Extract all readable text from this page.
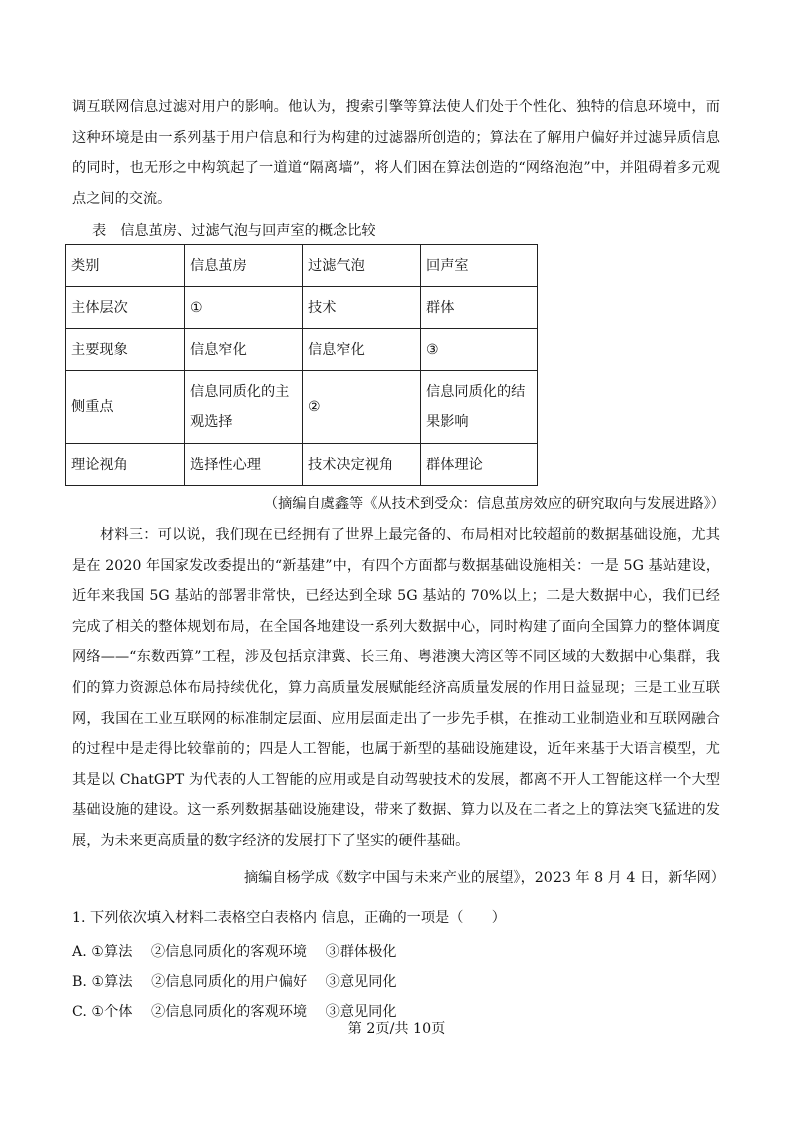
调互联网信息过滤对用户的影响。他认为，搜索引擎等算法使人们处于个性化、独特的信息环境中，而这种环境是由一系列基于用户信息和行为构建的过滤器所创造的；算法在了解用户偏好并过滤异质信息的同时，也无形之中构筑起了一道道“隔离墙”，将人们困在算法创造的“网络泡泡”中，并阻碍着多元观点之间的交流。

表 信息茧房、过滤气泡与回声室的概念比较
类别	信息茧房	过滤气泡	回声室
主体层次	①	技术	群体
主要现象	信息窄化	信息窄化	③
侧重点	信息同质化的主观选择	②	信息同质化的结果影响
理论视角	选择性心理	技术决定视角	群体理论
（摘编自虞鑫等《从技术到受众：信息茧房效应的研究取向与发展进路》）

材料三：可以说，我们现在已经拥有了世界上最完备的、布局相对比较超前的数据基础设施，尤其是在 2020 年国家发改委提出的“新基建”中，有四个方面都与数据基础设施相关：一是 5G 基站建设，近年来我国 5G 基站的部署非常快，已经达到全球 5G 基站的 70%以上；二是大数据中心，我们已经完成了相关的整体规划布局，在全国各地建设一系列大数据中心，同时构建了面向全国算力的整体调度网络——“东数西算”工程，涉及包括京津冀、长三角、粤港澳大湾区等不同区域的大数据中心集群，我们的算力资源总体布局持续优化，算力高质量发展赋能经济高质量发展的作用日益显现；三是工业互联网，我国在工业互联网的标准制定层面、应用层面走出了一步先手棋，在推动工业制造业和互联网融合的过程中是走得比较靠前的；四是人工智能，也属于新型的基础设施建设，近年来基于大语言模型，尤其是以 ChatGPT 为代表的人工智能的应用或是自动驾驶技术的发展，都离不开人工智能这样一个大型基础设施的建设。这一系列数据基础设施建设，带来了数据、算力以及在二者之上的算法突飞猛进的发展，为未来更高质量的数字经济的发展打下了坚实的硬件基础。

摘编自杨学成《数字中国与未来产业的展望》，2023 年 8 月 4 日，新华网）
1. 下列依次填入材料二表格空白表格内 信息，正确的一项是（　　）
A. ①算法 ②信息同质化的客观环境 ③群体极化
B. ①算法 ②信息同质化的用户偏好 ③意见同化
C. ①个体 ②信息同质化的客观环境 ③意见同化
第 2页/共 10页
